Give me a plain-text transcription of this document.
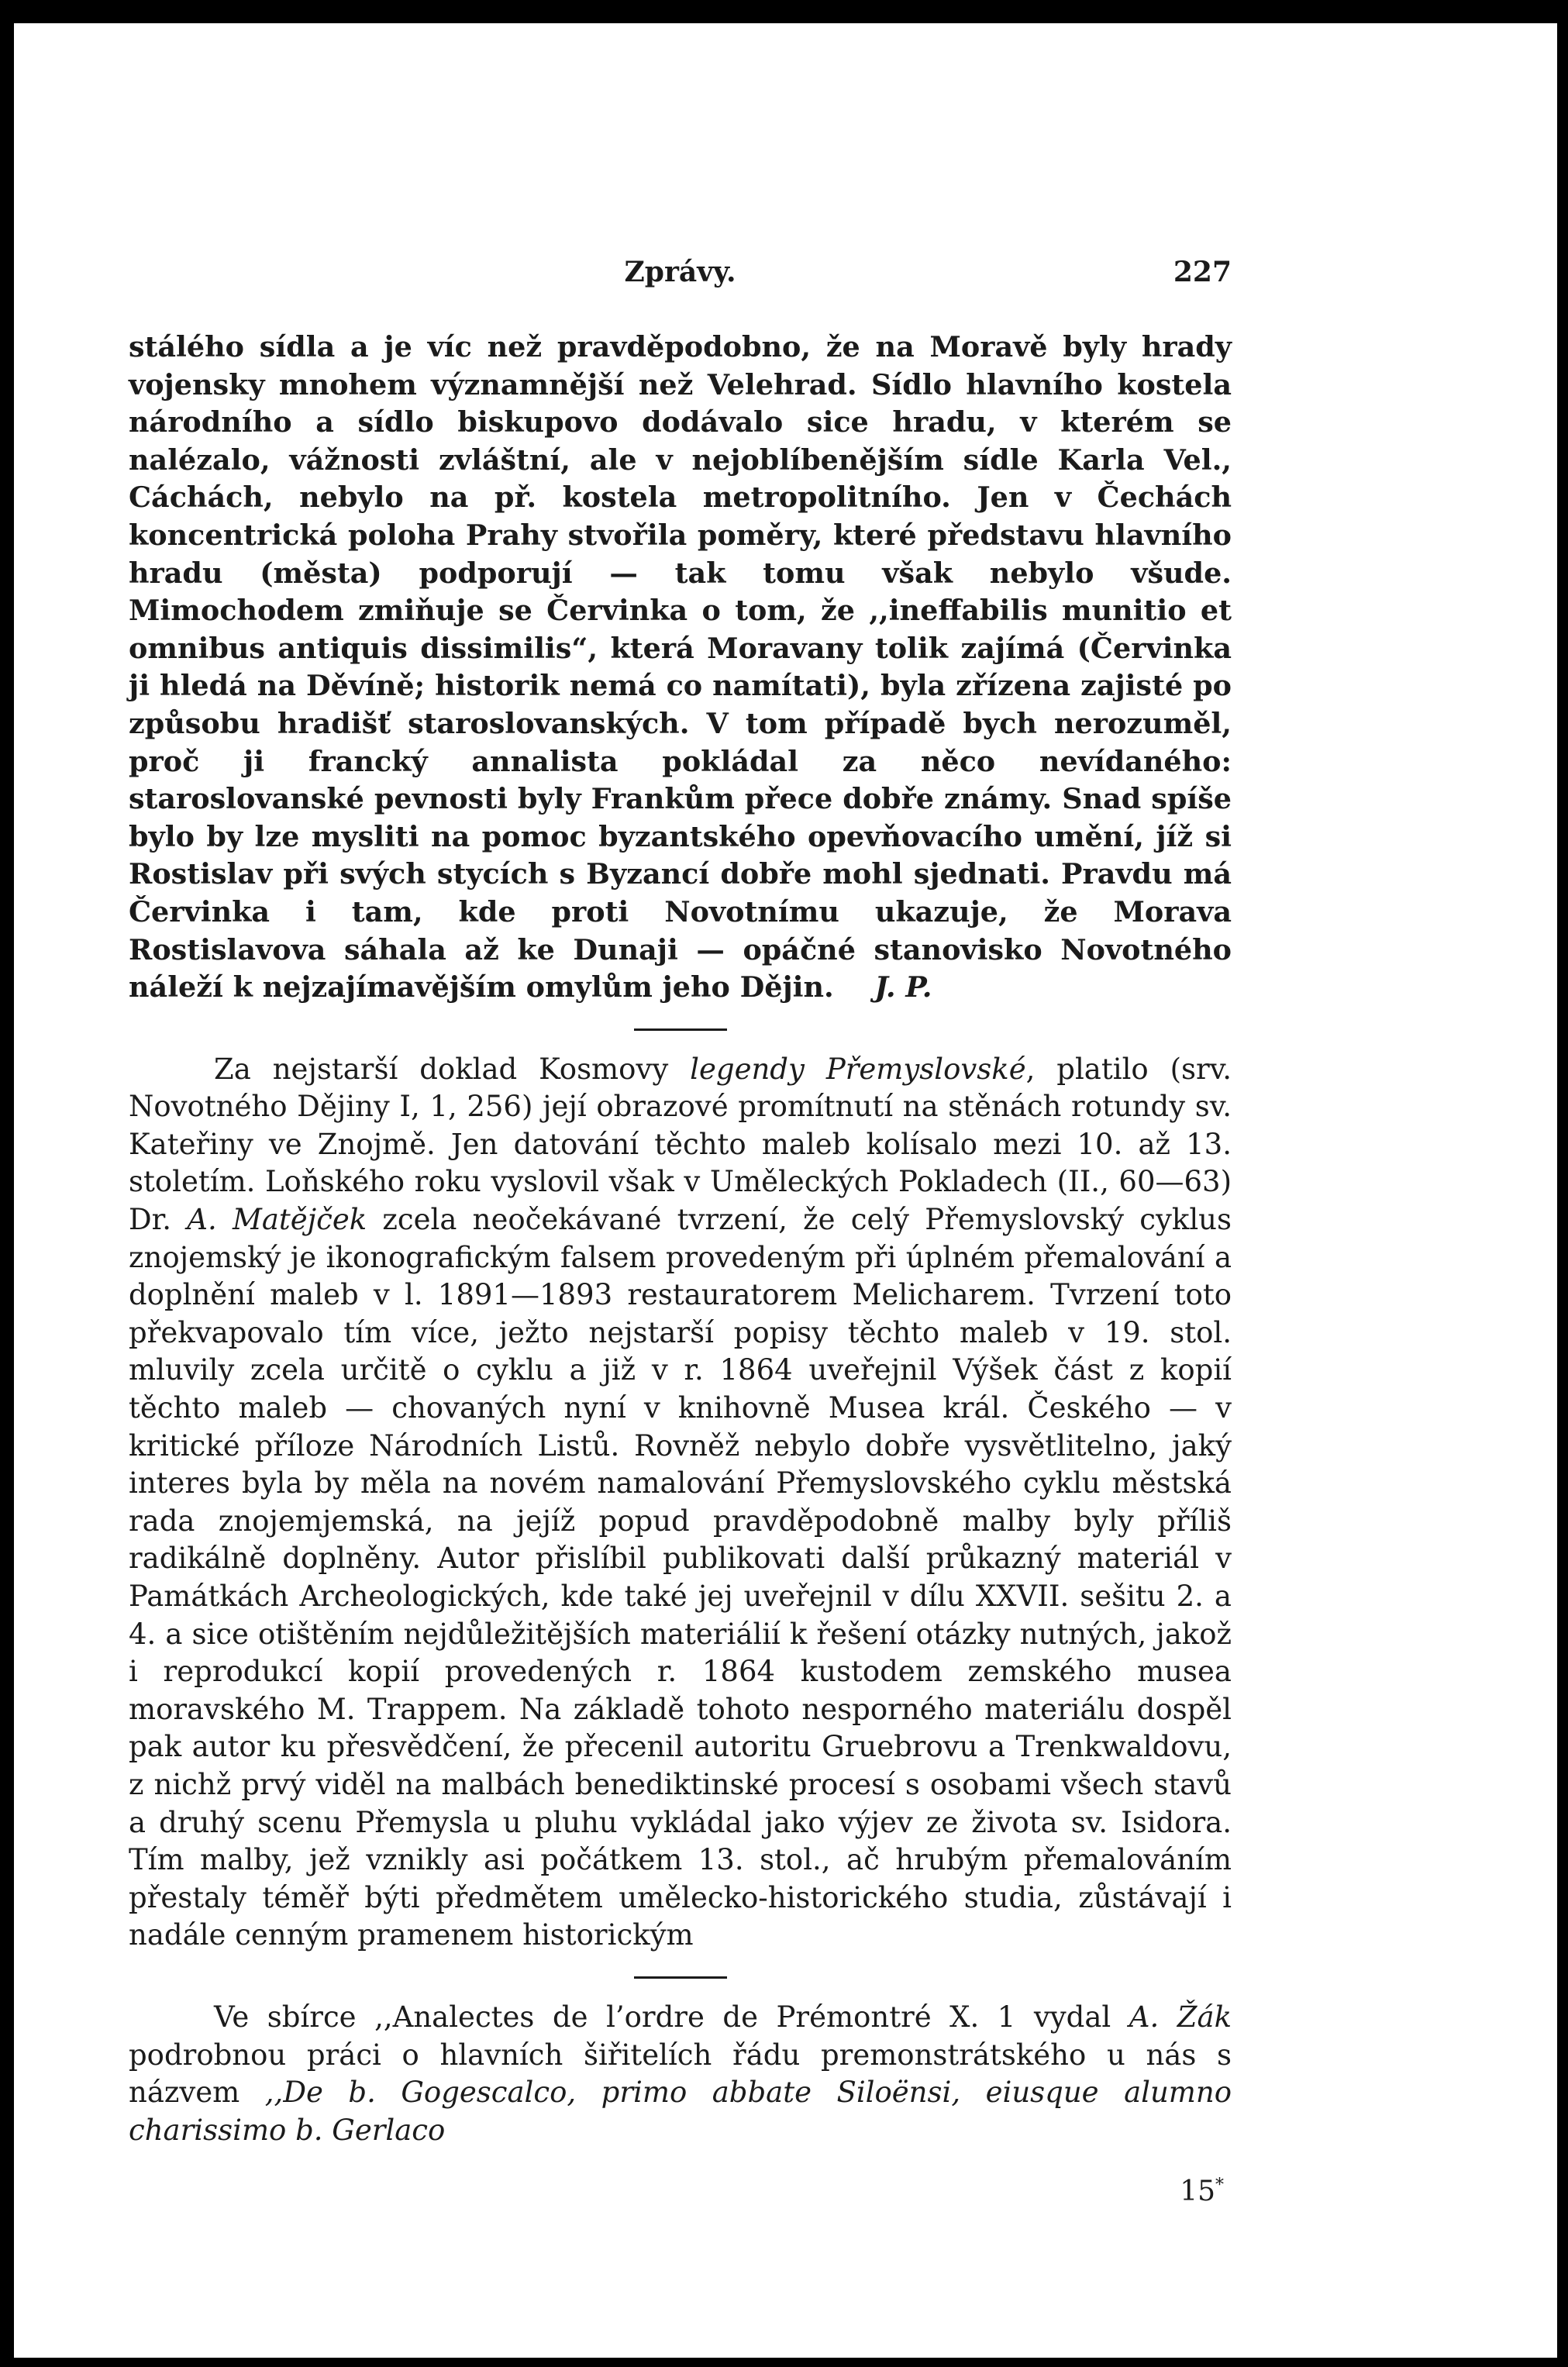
Zprávy.	227

stálého sídla a je víc než pravděpodobno, že na Moravě byly hrady vojensky mnohem významnější než Velehrad. Sídlo hlavního kostela národního a sídlo biskupovo dodávalo sice hradu, v kterém se nalézalo, vážnosti zvláštní, ale v nejoblíbenějším sídle Karla Vel., Cáchách, nebylo na př. kostela metropolitního. Jen v Čechách koncentrická poloha Prahy stvořila poměry, které představu hlavního hradu (města) podporují — tak tomu však nebylo všude. Mimochodem zmiňuje se Červinka o tom, že ,,ineffabilis munitio et omnibus antiquis dissimilis“, která Moravany tolik zajímá (Červinka ji hledá na Děvíně; historik nemá co namítati), byla zřízena zajisté po způsobu hradišť staroslovanských. V tom případě bych nerozuměl, proč ji francký annalista pokládal za něco nevídaného: staroslovanské pevnosti byly Frankům přece dobře známy. Snad spíše bylo by lze mysliti na pomoc byzantského opevňovacího umění, jíž si Rostislav při svých stycích s Byzancí dobře mohl sjednati. Pravdu má Červinka i tam, kde proti Novotnímu ukazuje, že Morava Rostislavova sáhala až ke Dunaji — opáčné stanovisko Novotného náleží k nejzajímavějším omylům jeho Dějin. J. P.

Za nejstarší doklad Kosmovy legendy Přemyslovské, platilo (srv. Novotného Dějiny I, 1, 256) její obrazové promítnutí na stěnách rotundy sv. Kateřiny ve Znojmě. Jen datování těchto maleb kolísalo mezi 10. až 13. stoletím. Loňského roku vyslovil však v Uměleckých Pokladech (II., 60—63) Dr. A. Matějček zcela neočekávané tvrzení, že celý Přemyslovský cyklus znojemský je ikonografickým falsem provedeným při úplném přemalování a doplnění maleb v l. 1891—1893 restauratorem Melicharem. Tvrzení toto překvapovalo tím více, ježto nejstarší popisy těchto maleb v 19. stol. mluvily zcela určitě o cyklu a již v r. 1864 uveřejnil Výšek část z kopií těchto maleb — chovaných nyní v knihovně Musea král. Českého — v kritické příloze Národních Listů. Rovněž nebylo dobře vysvětlitelno, jaký interes byla by měla na novém namalování Přemyslovského cyklu městská rada znojemjemská, na jejíž popud pravděpodobně malby byly příliš radikálně doplněny. Autor přislíbil publikovati další průkazný materiál v Památkách Archeologických, kde také jej uveřejnil v dílu XXVII. sešitu 2. a 4. a sice otištěním nejdůležitějších materiálií k řešení otázky nutných, jakož i reprodukcí kopií provedených r. 1864 kustodem zemského musea moravského M. Trappem. Na základě tohoto nesporného materiálu dospěl pak autor ku přesvědčení, že přecenil autoritu Gruebrovu a Trenkwaldovu, z nichž prvý viděl na malbách benediktinské procesí s osobami všech stavů a druhý scenu Přemysla u pluhu vykládal jako výjev ze života sv. Isidora. Tím malby, jež vznikly asi počátkem 13. stol., ač hrubým přemalováním přestaly téměř býti předmětem umělecko-historického studia, zůstávají i nadále cenným pramenem historickým

Ve sbírce ,,Analectes de l’ordre de Prémontré X. 1 vydal A. Žák podrobnou práci o hlavních šiřitelích řádu premonstrátského u nás s názvem ,,De b. Gogescalco, primo abbate Siloënsi, eiusque alumno charissimo b. Gerlaco

15*
